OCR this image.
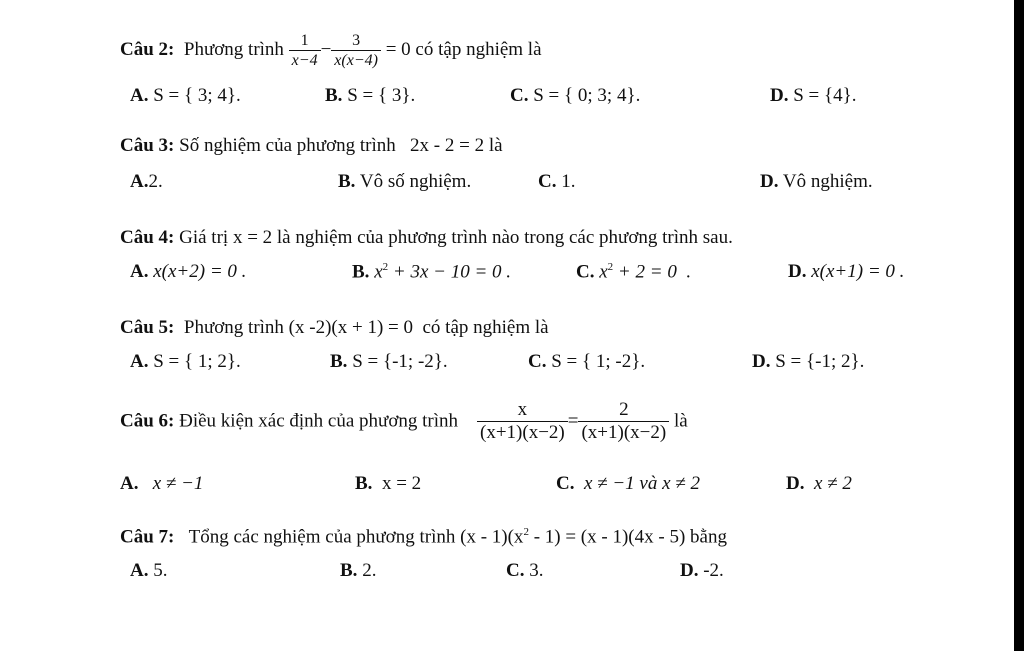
Câu 2: Phương trình $\frac{1}{x-4} - \frac{3}{x(x-4)} = 0$ có tập nghiệm là
A. S = { 3; 4}.	B. S = { 3}.	C. S = { 0; 3; 4}.	D. S = {4}.
Câu 3: Số nghiệm của phương trình   2x - 2 = 2 là
A.2.	B. Vô số nghiệm.	C. 1.	D. Vô nghiệm.
Câu 4: Giá trị x = 2 là nghiệm của phương trình nào trong các phương trình sau.
A. x(x+2) = 0 .	B. $x^2 + 3x - 10 = 0$ .	C. $x^2 + 2 = 0$  .	D. x(x+1) = 0 .
Câu 5: Phương trình (x -2)(x + 1) = 0  có tập nghiệm là
A. S = { 1; 2}.	B. S = {-1; -2}.	C. S = { 1; -2}.	D. S = {-1; 2}.
Câu 6: Điều kiện xác định của phương trình $\frac{x}{(x+1)(x-2)} = \frac{2}{(x+1)(x-2)}$ là
A. x ≠ −1	B. x = 2	C. x ≠ −1 và x ≠ 2	D. x ≠ 2
Câu 7: Tổng các nghiệm của phương trình $(x - 1)(x^2 - 1) = (x - 1)(4x - 5)$ bằng
A. 5.	B. 2.	C. 3.	D. -2.
